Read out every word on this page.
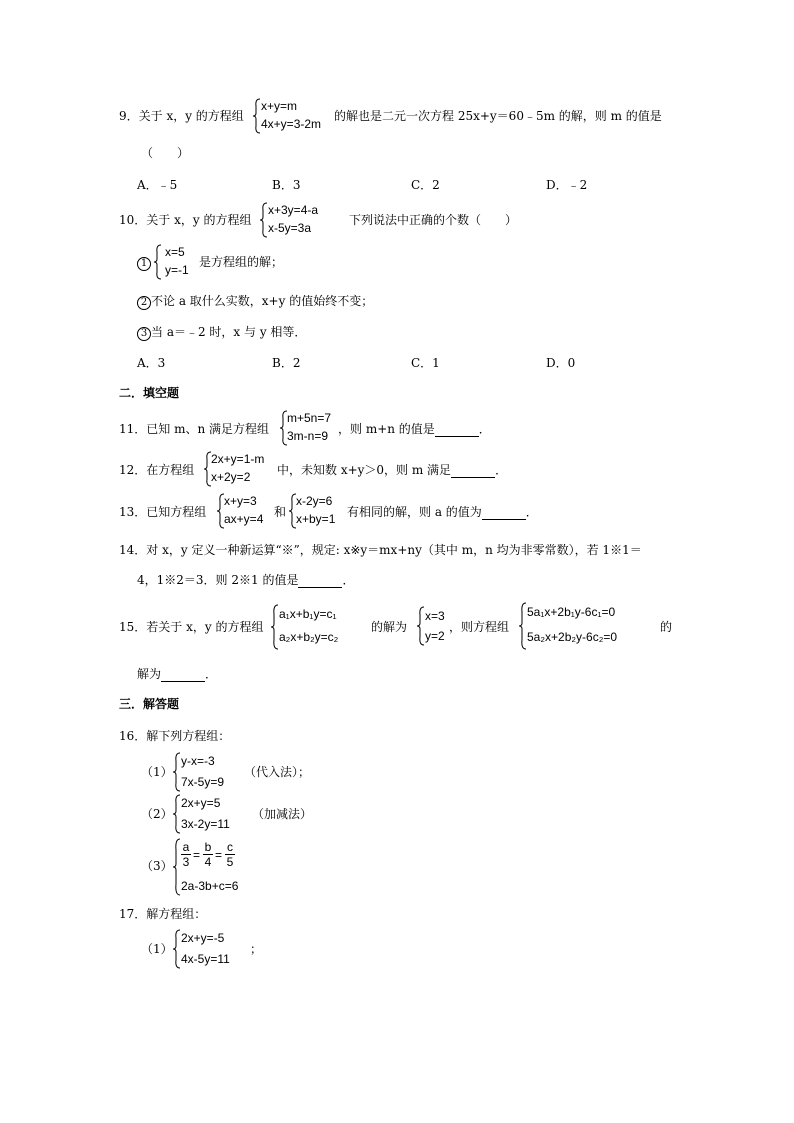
9．关于 x，y 的方程组
x+y=m
4x+y=3-2m
的解也是二元一次方程 25x+y＝60﹣5m 的解，则 m 的值是
（　　）
A．﹣5	B．3	C．2	D．﹣2
10．关于 x，y 的方程组
x+3y=4-a
x-5y=3a
下列说法中正确的个数（　　）
1
x=5
y=-1
是方程组的解；
2 不论 a 取什么实数，x+y 的值始终不变；
3 当 a＝﹣2 时，x 与 y 相等．
A．3	B．2	C．1	D．0
二．填空题
11．已知 m、n 满足方程组
m+5n=7
3m-n=9 ，则 m+n 的值是	．
12．在方程组
2x+y=1-m
x+2y=2 中，未知数 x+y＞0，则 m 满足	．
13．已知方程组
x+y=3
ax+y=4 和
x-2y=6
x+by=1 有相同的解，则 a 的值为	．
14．对 x，y 定义一种新运算“※”，规定: x※y＝mx+ny（其中 m，n 均为非零常数），若 1※1＝
4，1※2＝3．则 2※1 的值是	．
15．若关于 x，y 的方程组
a₁x+b₁y=c₁
a₂x+b₂y=c₂
的解为
x=3
y=2
，则方程组
5a₁x+2b₁y-6c₁=0
5a₂x+2b₂y-6c₂=0
的
解为	．
三．解答题
16．解下列方程组：
（1）
y-x=-3
7x-5y=9
（代入法）；
（2）
2x+y=5
3x-2y=11
（加减法）
$(3) \frac{a}{3} = \frac{b}{4} = \frac{c}{5}$
2a-3b+c=6
17．解方程组：
（1）
2x+y=-5
4x-5y=11
；
